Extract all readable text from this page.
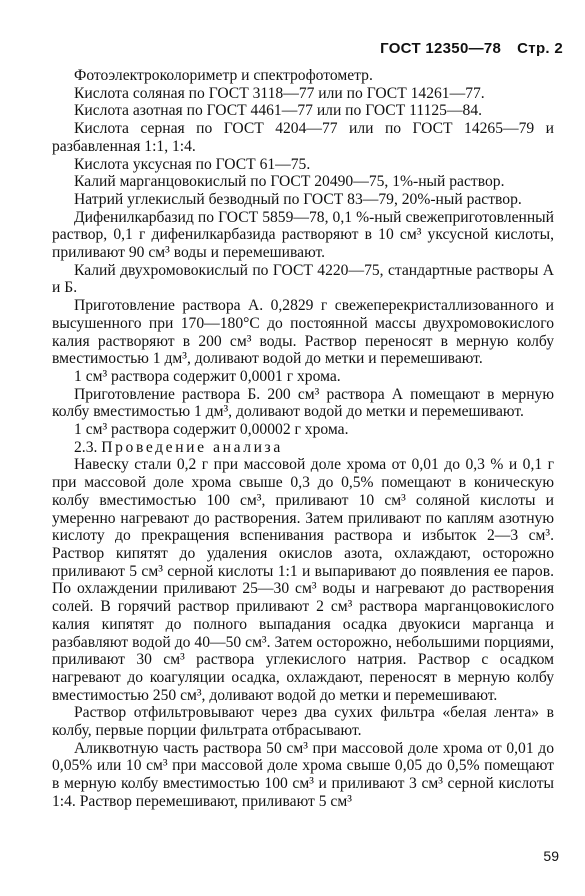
ГОСТ 12350—78 Стр. 2

Фотоэлектроколориметр и спектрофотометр.

Кислота соляная по ГОСТ 3118—77 или по ГОСТ 14261—77.

Кислота азотная по ГОСТ 4461—77 или по ГОСТ 11125—84.

Кислота серная по ГОСТ 4204—77 или по ГОСТ 14265—79 и разбавленная 1:1, 1:4.

Кислота уксусная по ГОСТ 61—75.

Калий марганцовокислый по ГОСТ 20490—75, 1%-ный раствор.

Натрий углекислый безводный по ГОСТ 83—79, 20%-ный раствор.

Дифенилкарбазид по ГОСТ 5859—78, 0,1 %-ный свежеприготовленный раствор, 0,1 г дифенилкарбазида растворяют в 10 см³ уксусной кислоты, приливают 90 см³ воды и перемешивают.

Калий двухромовокислый по ГОСТ 4220—75, стандартные растворы А и Б.

Приготовление раствора А. 0,2829 г свежеперекристаллизованного и высушенного при 170—180°С до постоянной массы двухромовокислого калия растворяют в 200 см³ воды. Раствор переносят в мерную колбу вместимостью 1 дм³, доливают водой до метки и перемешивают.

1 см³ раствора содержит 0,0001 г хрома.

Приготовление раствора Б. 200 см³ раствора А помещают в мерную колбу вместимостью 1 дм³, доливают водой до метки и перемешивают.

1 см³ раствора содержит 0,00002 г хрома.

2.3. Проведение анализа

Навеску стали 0,2 г при массовой доле хрома от 0,01 до 0,3 % и 0,1 г при массовой доле хрома свыше 0,3 до 0,5% помещают в коническую колбу вместимостью 100 см³, приливают 10 см³ соляной кислоты и умеренно нагревают до растворения. Затем приливают по каплям азотную кислоту до прекращения вспенивания раствора и избыток 2—3 см³. Раствор кипятят до удаления окислов азота, охлаждают, осторожно приливают 5 см³ серной кислоты 1:1 и выпаривают до появления ее паров. По охлаждении приливают 25—30 см³ воды и нагревают до растворения солей. В горячий раствор приливают 2 см³ раствора марганцовокислого калия кипятят до полного выпадания осадка двуокиси марганца и разбавляют водой до 40—50 см³. Затем осторожно, небольшими порциями, приливают 30 см³ раствора углекислого натрия. Раствор с осадком нагревают до коагуляции осадка, охлаждают, переносят в мерную колбу вместимостью 250 см³, доливают водой до метки и перемешивают.

Раствор отфильтровывают через два сухих фильтра «белая лента» в колбу, первые порции фильтрата отбрасывают.

Аликвотную часть раствора 50 см³ при массовой доле хрома от 0,01 до 0,05% или 10 см³ при массовой доле хрома свыше 0,05 до 0,5% помещают в мерную колбу вместимостью 100 см³ и приливают 3 см³ серной кислоты 1:4. Раствор перемешивают, приливают 5 см³

59
